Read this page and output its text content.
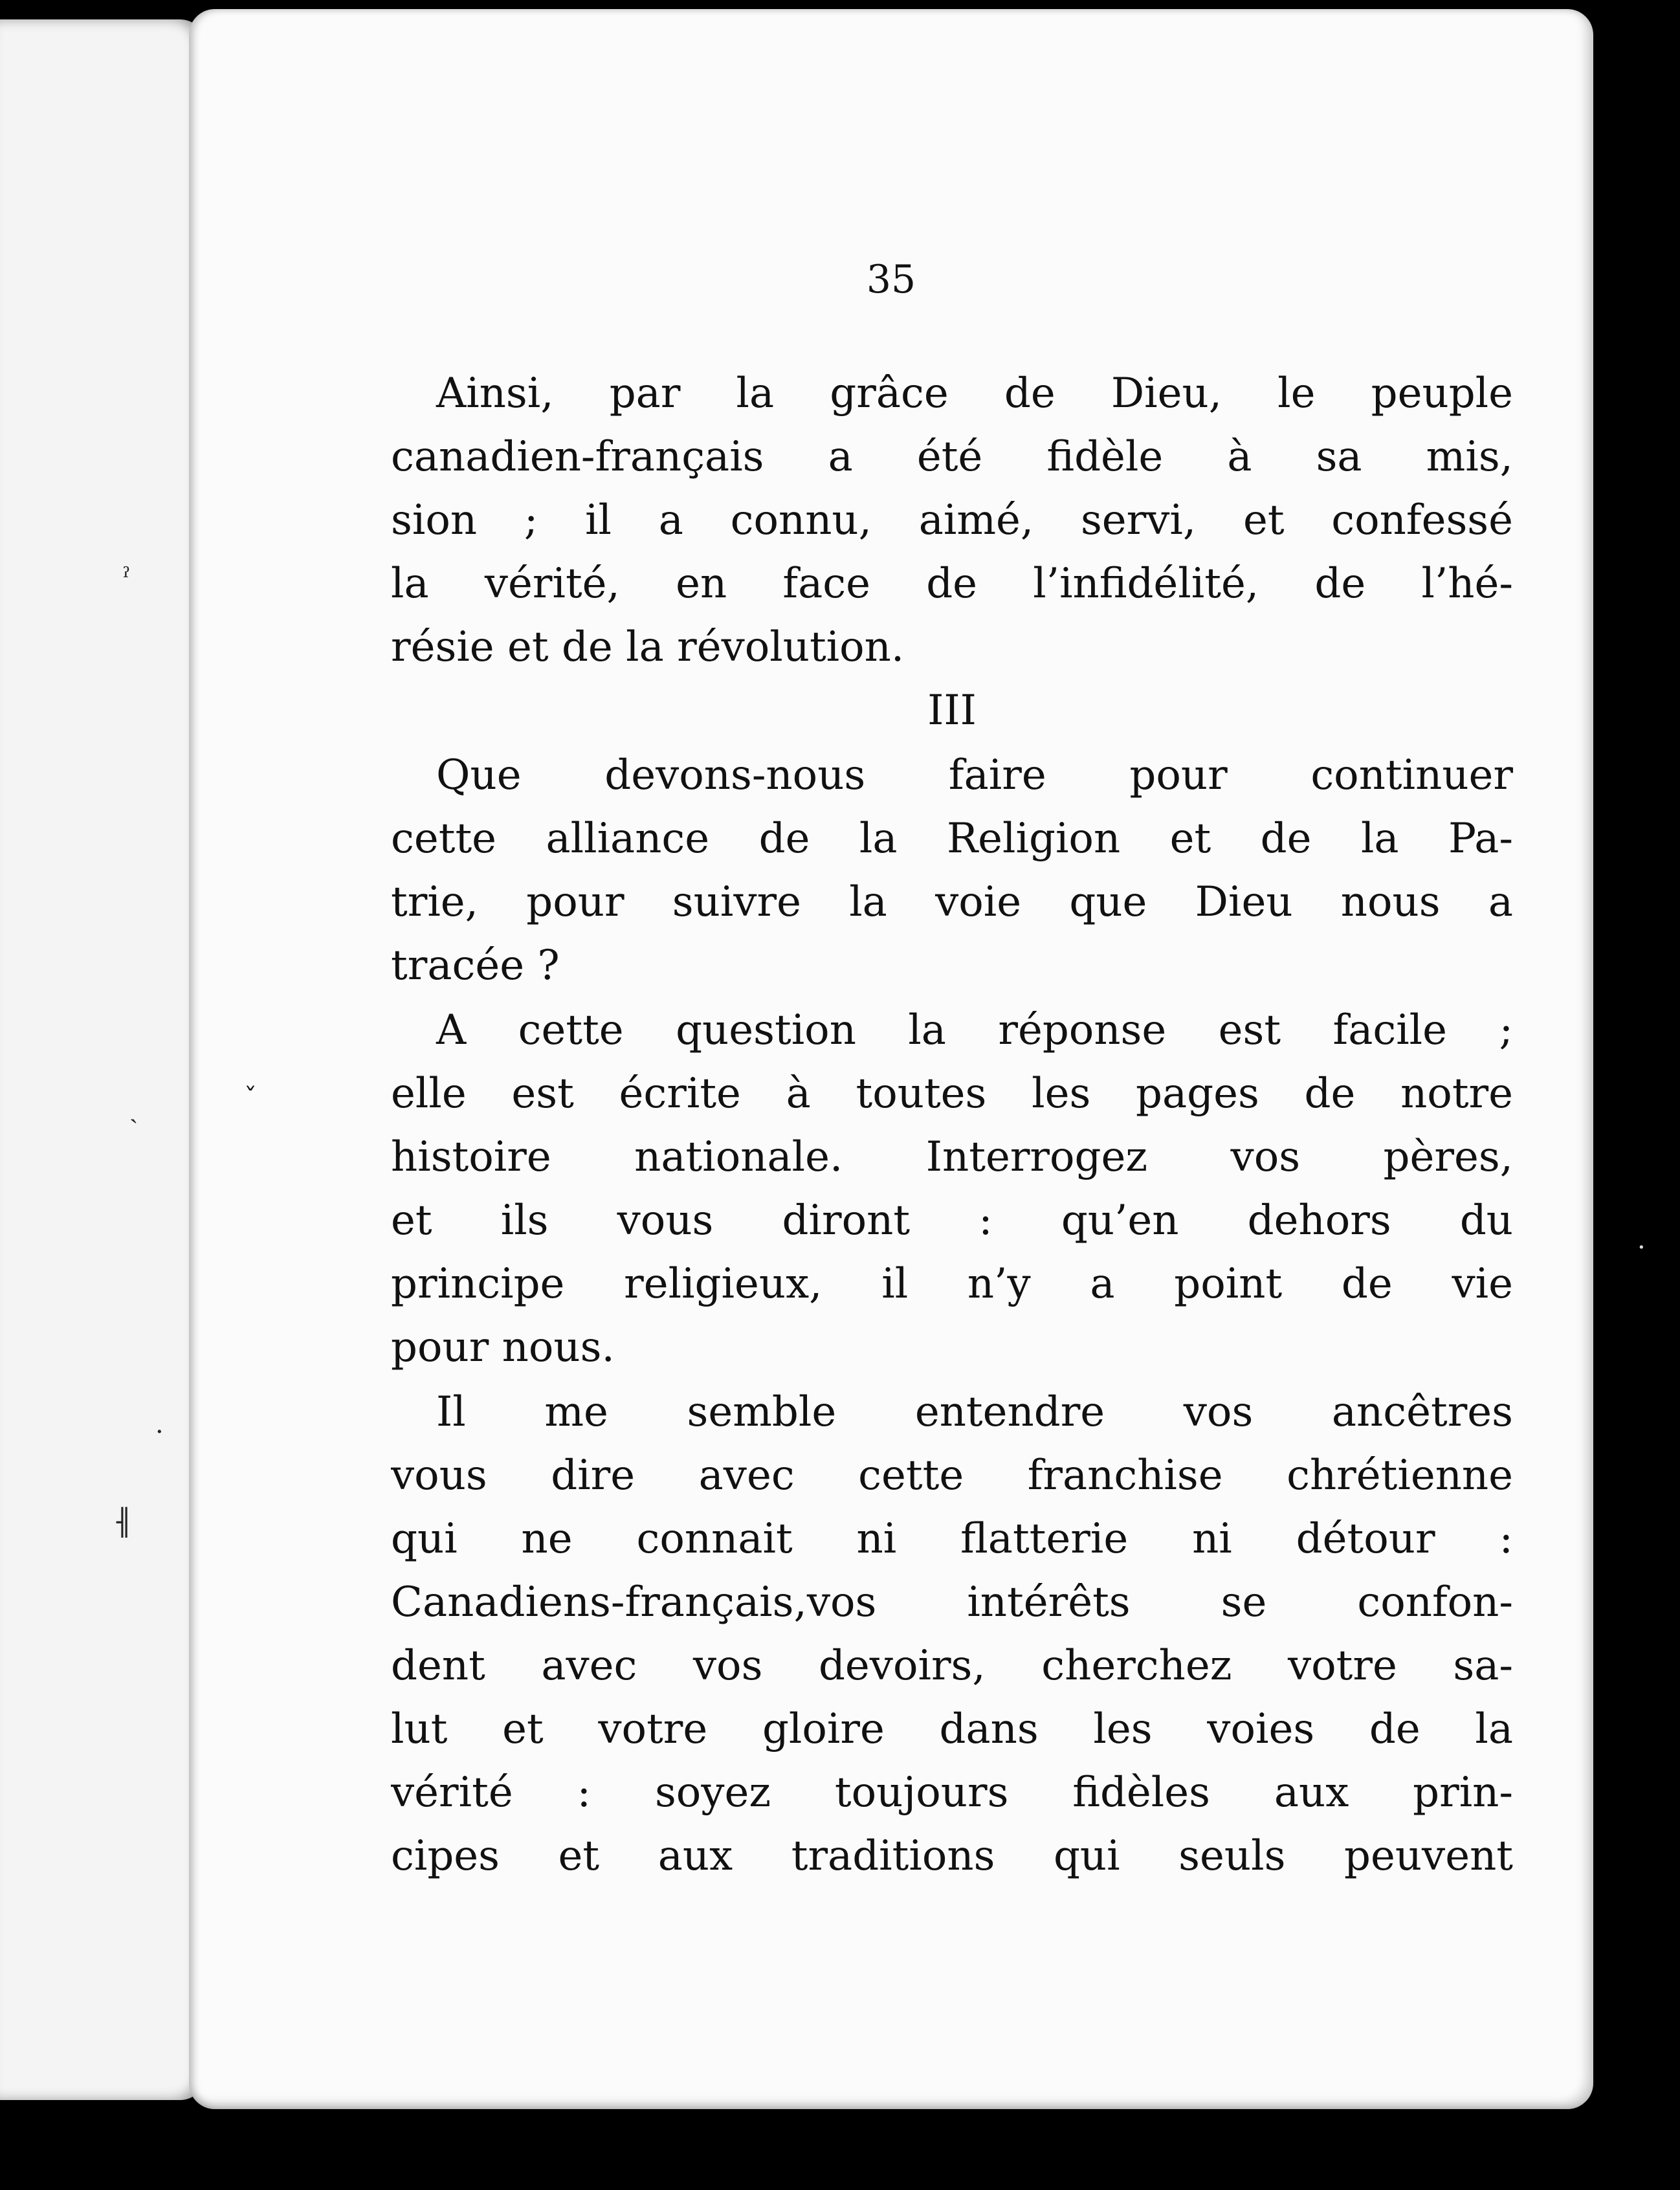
ˀ
ˎ
·
╢
35
Ainsi, par la grâce de Dieu, le peuple
canadien-français a été fidèle à sa mis,
sion ; il a connu, aimé, servi, et confessé
la vérité, en face de l’infidélité, de l’hé-
résie et de la révolution.
III
Que devons-nous faire pour continuer
cette alliance de la Religion et de la Pa-
trie, pour suivre la voie que Dieu nous a
tracée ?
A cette question la réponse est facile ;
elle est écrite à toutes les pages de notre
histoire nationale. Interrogez vos pères,
et ils vous diront : qu’en dehors du
principe religieux, il n’y a point de vie
pour nous.
Il me semble entendre vos ancêtres
vous dire avec cette franchise chrétienne
qui ne connait ni flatterie ni détour :
Canadiens-français,vos intérêts se confon-
dent avec vos devoirs, cherchez votre sa-
lut et votre gloire dans les voies de la
vérité : soyez toujours fidèles aux prin-
cipes et aux traditions qui seuls peuvent
ˇ
·
